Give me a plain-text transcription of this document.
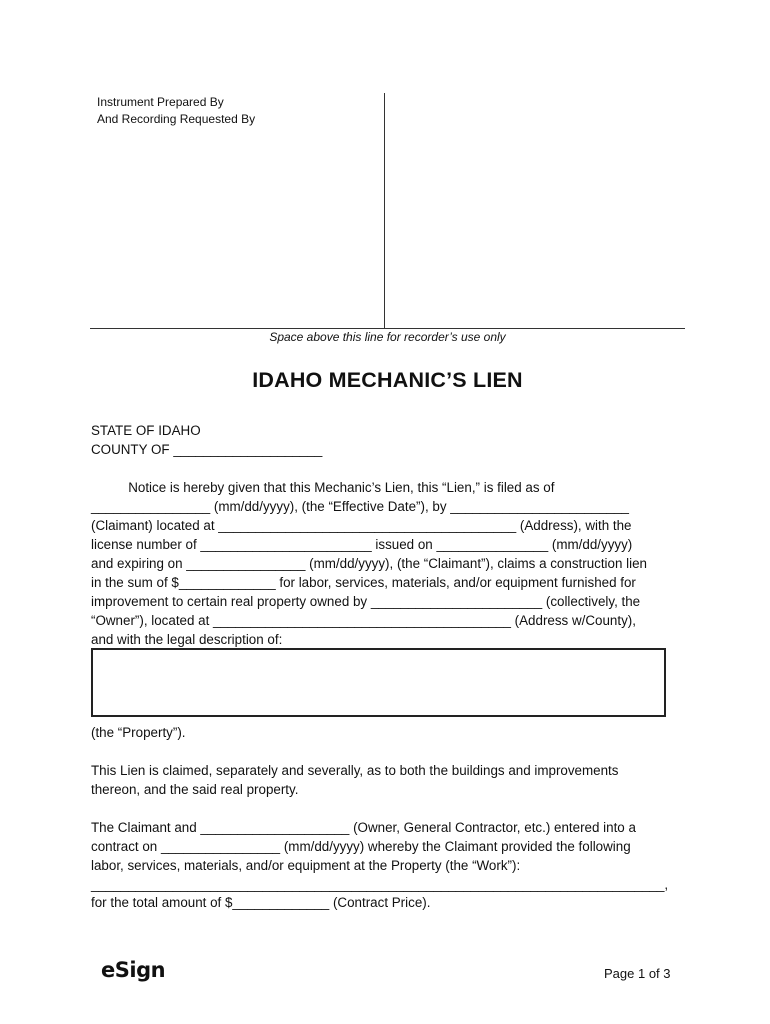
Instrument Prepared By
And Recording Requested By
Space above this line for recorder’s use only
IDAHO MECHANIC’S LIEN
STATE OF IDAHO
COUNTY OF ____________________
Notice is hereby given that this Mechanic’s Lien, this “Lien,” is filed as of
________________ (mm/dd/yyyy), (the “Effective Date”), by ________________________
(Claimant) located at ________________________________________ (Address), with the
license number of _______________________ issued on _______________ (mm/dd/yyyy)
and expiring on ________________ (mm/dd/yyyy), (the “Claimant”), claims a construction lien
in the sum of $_____________ for labor, services, materials, and/or equipment furnished for
improvement to certain real property owned by _______________________ (collectively, the
“Owner”), located at ________________________________________ (Address w/County),
and with the legal description of:
(the “Property”).
This Lien is claimed, separately and severally, as to both the buildings and improvements
thereon, and the said real property.
The Claimant and ____________________ (Owner, General Contractor, etc.) entered into a
contract on ________________ (mm/dd/yyyy) whereby the Claimant provided the following
labor, services, materials, and/or equipment at the Property (the “Work”):
_____________________________________________________________________________,
for the total amount of $_____________ (Contract Price).
eSign	Page 1 of 3
